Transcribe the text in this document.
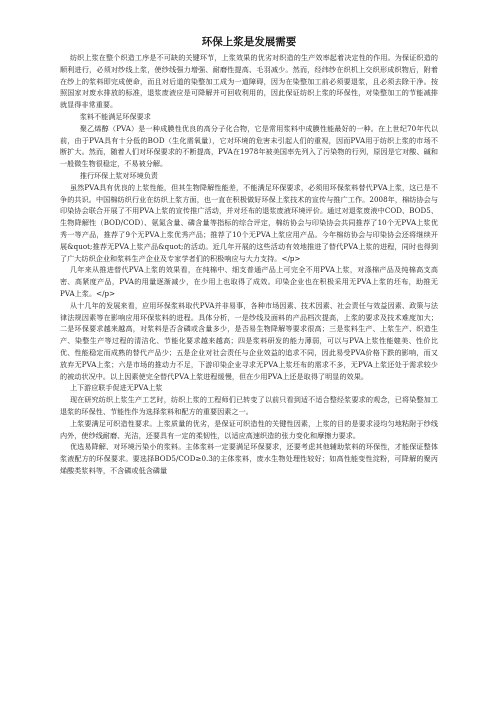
环保上浆是发展需要
纺织上浆在整个织造工序是不可缺的关键环节，上浆效果的优劣对织造的生产效率起着决定性的作用。为保证织造的顺利进行，必须对纱线上浆，使纱线强力增强、耐磨性提高、毛羽减少。然而，经纬纱在织机上交织形成织物后，附着在纱上的浆料即完成使命，而且对后道的染整加工成为一道障碍，因为在染整加工前必须要退浆，且必须去除干净。按照国家对废水排放的标准，退浆废液应是可降解并可回收利用的，因此保证纺织上浆的环保性，对染整加工的节能减排就显得非常重要。
浆料不能满足环保要求
聚乙烯醇（PVA）是一种成膜性优良的高分子化合物，它是常用浆料中成膜性能最好的一种。在上世纪70年代以前，由于PVA具有十分低的BOD（生化需氧量），它对环境的危害未引起人们的重视，因而PVA用于纺织上浆的市场不断扩大。然而，随着人们对环保要求的不断提高，PVA在1978年被美国率先列入了污染物的行列，原因是它对酸、碱和一般微生物很稳定，不易被分解。
推行环保上浆对环境负责
虽然PVA具有优良的上浆性能，但其生物降解性能差，不能满足环保要求，必须用环保浆料替代PVA上浆，这已是不争的共识。中国棉纺织行业在纺织上浆方面，也一直在积极做好环保上浆技术的宣传与推广工作。2008年，棉纺协会与印染协会联合开展了不用PVA上浆的宣传推广活动，并对坯布的退浆废液环境评价。通过对退浆废液中COD、BOD5、生物降解性（BOD/COD）、氨氮含量、磷含量等指标的综合评定，棉纺协会与印染协会共同推荐了10个无PVA上浆优秀一等产品，推荐了9个无PVA上浆优秀产品；推荐了10个无PVA上浆应用产品。今年棉纺协会与印染协会还将继续开展&quot;推荐无PVA上浆产品&quot;的活动。近几年开展的这些活动有效地推进了替代PVA上浆的进程，同时也得到了广大纺织企业和浆料生产企业及专家学者们的积极响应与大力支持。</p>
几年来从推进替代PVA上浆的效果看，在纯棉中、细支普通产品上可完全不用PVA上浆，对涤棉产品及纯棉高支高密、高紧度产品，PVA的用量逐渐减少，在少用上也取得了成效。印染企业也在积极采用无PVA上浆的坯布，助推无PVA上浆。</p>
从十几年的发展来看，应用环保浆料取代PVA并非易事，各种市场因素、技术因素、社会责任与效益因素、政策与法律法规因素等在影响应用环保浆料的进程。具体分析，一是纱线及面料的产品档次提高，上浆的要求及技术难度加大；二是环保要求越来越高，对浆料是否含磷或含量多少，是否易生物降解等要求很高；三是浆料生产、上浆生产、织造生产、染整生产等过程的清洁化、节能化要求越来越高；四是浆料研发的能力薄弱，可以与PVA上浆性能媲美、性价比优、性能稳定而成熟的替代产品少；五是企业对社会责任与企业效益的追求不同，因此易受PVA价格下跌的影响，而又放弃无PVA上浆；六是市场的推动力不足，下游印染企业寻求无PVA上浆坯布的需求不多，无PVA上浆还处于需求较少的被动状况中。以上因素使完全替代PVA上浆进程缓慢，但在少用PVA上还是取得了明显的效果。
上下游应联手促进无PVA上浆
现在研究纺织上浆生产工艺时，纺织上浆的工程师们已转变了以前只看到适不适合整经浆要求的观念，已将染整加工退浆的环保性、节能性作为选择浆料和配方的重要因素之一。
上浆要满足可织造性要求。上浆质量的优劣，是保证可织造性的关键性因素，上浆的目的是要求浸均匀地粘附于纱线内外，使纱线耐磨、光洁，还要具有一定的柔韧性，以适应高速织造的张力变化和摩擦力要求。
优选易降解、对环境污染小的浆料。主体浆料一定要满足环保要求，还要考虑其他辅助浆料的环保性，才能保证整体浆液配方的环保要求。要选择BOD5/COD≥0.3的主体浆料，废水生物处理性较好；如高性能变性淀粉，可降解的聚丙烯酸类浆料等，不含磷或低含磷量
